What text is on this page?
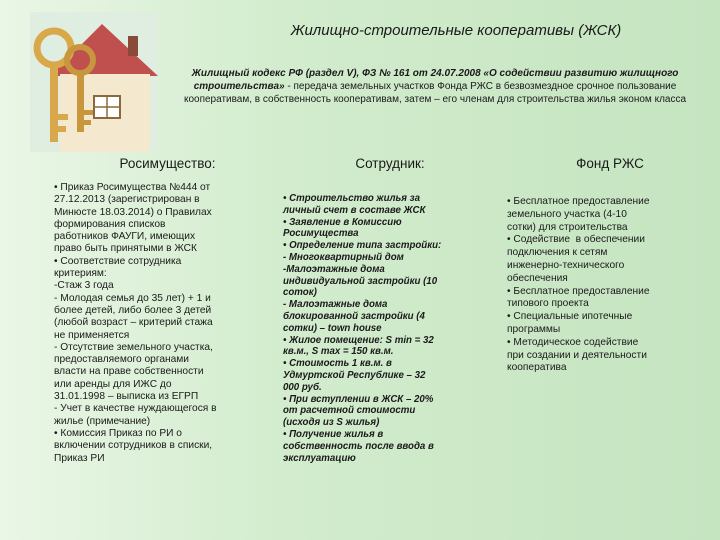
Жилищно-строительные кооперативы (ЖСК)
Жилищный кодекс РФ (раздел V), ФЗ № 161 от 24.07.2008 «О содействии развитию жилищного строительства» - передача земельных участков Фонда РЖС в безвозмездное срочное пользование кооперативам, в собственность кооперативам, затем – его членам для строительства жилья эконом класса
Росимущество:	Сотрудник:	Фонд РЖС
• Приказ Росимущества №444 от
27.12.2013 (зарегистрирован в
Минюсте 18.03.2014) о Правилах
формирования списков
работников ФАУГИ, имеющих
право быть принятыми в ЖСК
• Соответствие сотрудника
критериям:
-Стаж 3 года
- Молодая семья до 35 лет) + 1 и
более детей, либо более 3 детей
(любой возраст – критерий стажа
не применяется
- Отсутствие земельного участка,
предоставляемого органами
власти на праве собственности
или аренды для ИЖС до
31.01.1998 – выписка из ЕГРП
- Учет в качестве нуждающегося в
жилье (примечание)
• Комиссия Приказ по РИ о
включении сотрудников в списки,
Приказ РИ
• Строительство жилья за
личный счет в составе ЖСК
• Заявление в Комиссию
Росимущества
• Определение типа застройки:
- Многоквартирный дом
-Малоэтажные дома
индивидуальной застройки (10
соток)
- Малоэтажные дома
блокированной застройки (4
сотки) – town house
• Жилое помещение: S min = 32
кв.м., S max = 150 кв.м.
• Стоимость 1 кв.м. в
Удмуртской Республике – 32
000 руб.
• При вступлении в ЖСК – 20%
от расчетной стоимости
(исходя из S жилья)
• Получение жилья в
собственность после ввода в
эксплуатацию
• Бесплатное предоставление
земельного участка (4-10
сотки) для строительства
• Содействие  в обеспечении
подключения к сетям
инженерно-технического
обеспечения
• Бесплатное предоставление
типового проекта
• Специальные ипотечные
программы
• Методическое содействие
при создании и деятельности
кооператива
